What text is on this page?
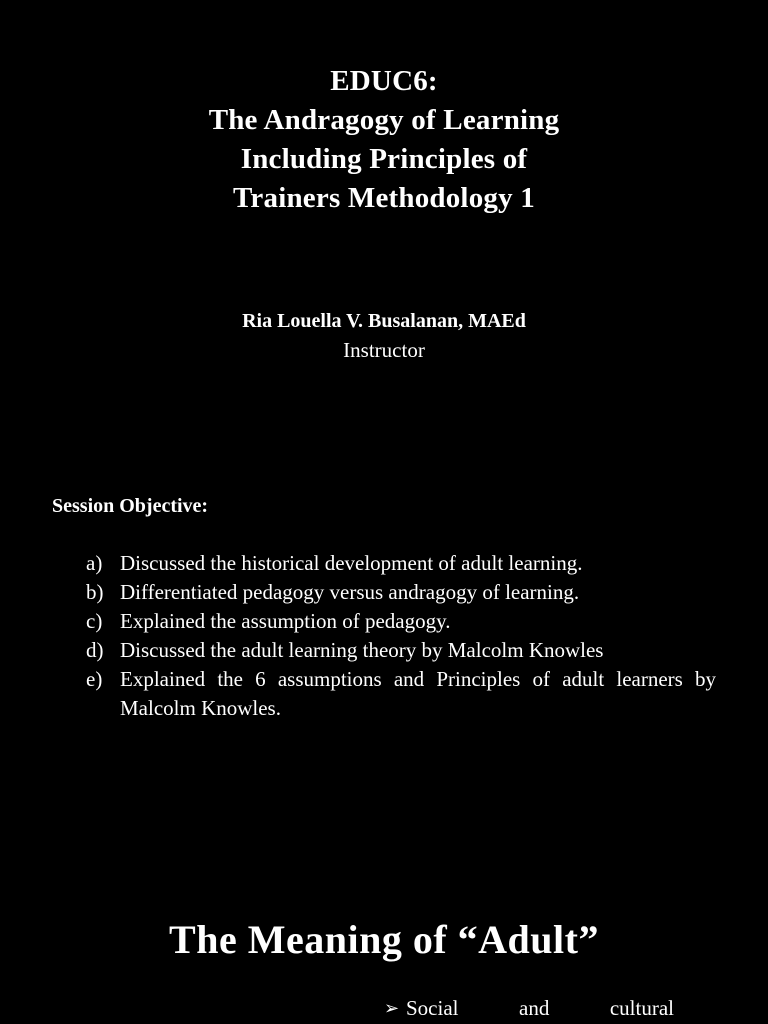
EDUC6:
The Andragogy of Learning
Including Principles of
Trainers Methodology 1
Ria Louella V. Busalanan, MAEd
Instructor
Session Objective:
a) Discussed the historical development of adult learning.
b) Differentiated pedagogy versus andragogy of learning.
c) Explained the assumption of pedagogy.
d) Discussed the adult learning theory by Malcolm Knowles
e) Explained the 6 assumptions and Principles of adult learners by Malcolm Knowles.
The Meaning of “Adult”
➢ Social and cultural
